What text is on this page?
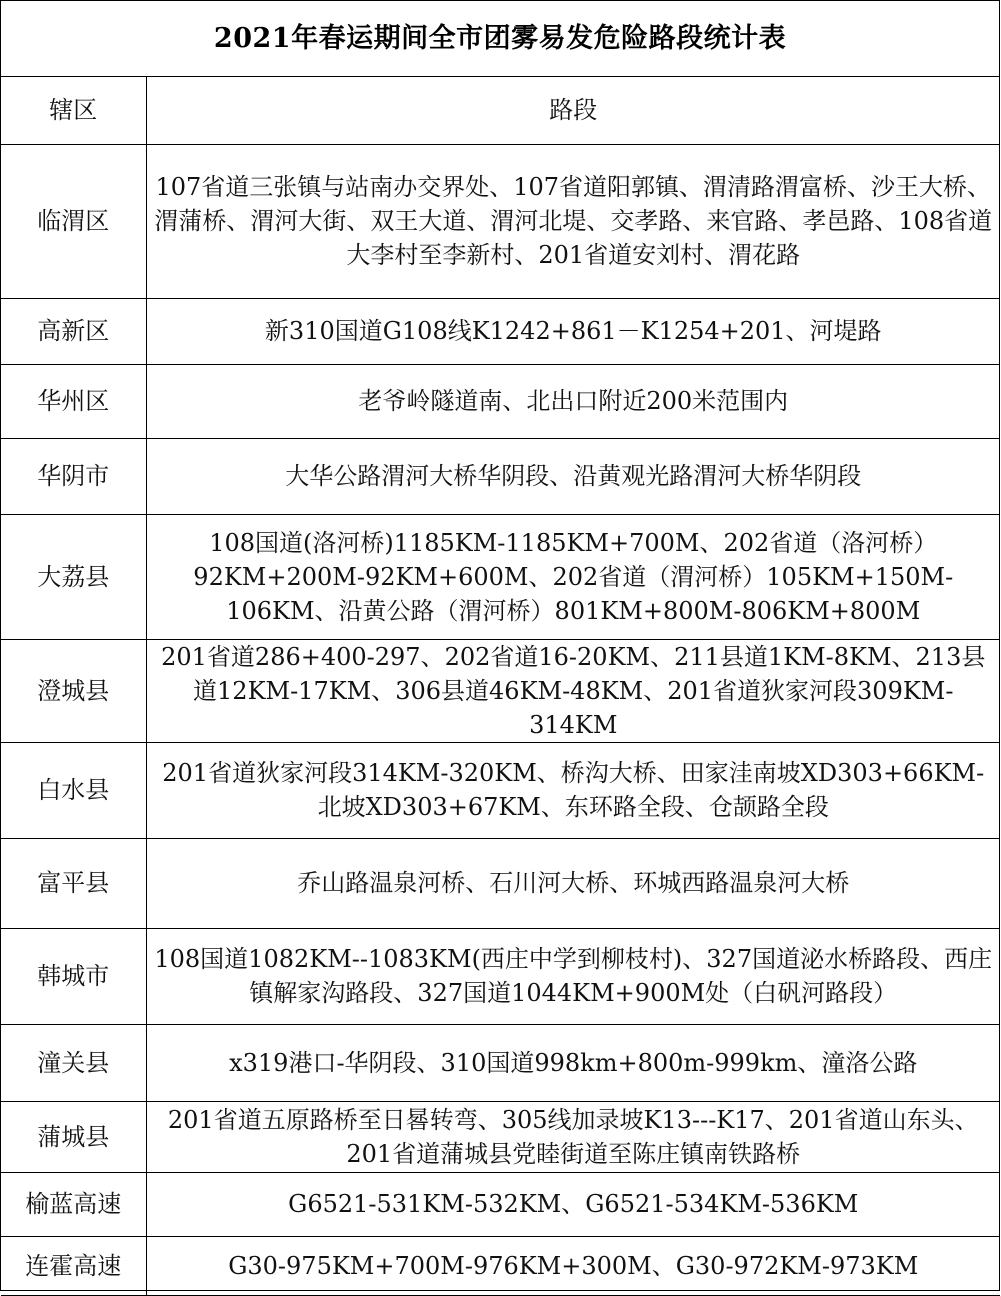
2021年春运期间全市团雾易发危险路段统计表
辖区	路段
临渭区	107省道三张镇与站南办交界处、107省道阳郭镇、渭清路渭富桥、沙王大桥、渭蒲桥、渭河大街、双王大道、渭河北堤、交孝路、来官路、孝邑路、108省道大李村至李新村、201省道安刘村、渭花路
高新区	新310国道G108线K1242+861－K1254+201、河堤路
华州区	老爷岭隧道南、北出口附近200米范围内
华阴市	大华公路渭河大桥华阴段、沿黄观光路渭河大桥华阴段
大荔县	108国道(洛河桥)1185KM-1185KM+700M、202省道（洛河桥）92KM+200M-92KM+600M、202省道（渭河桥）105KM+150M-106KM、沿黄公路（渭河桥）801KM+800M-806KM+800M
澄城县	201省道286+400-297、202省道16-20KM、211县道1KM-8KM、213县道12KM-17KM、306县道46KM-48KM、201省道狄家河段309KM-314KM
白水县	201省道狄家河段314KM-320KM、桥沟大桥、田家洼南坡XD303+66KM-北坡XD303+67KM、东环路全段、仓颉路全段
富平县	乔山路温泉河桥、石川河大桥、环城西路温泉河大桥
韩城市	108国道1082KM--1083KM(西庄中学到柳枝村)、327国道泌水桥路段、西庄镇解家沟路段、327国道1044KM+900M处（白矾河路段）
潼关县	x319港口-华阴段、310国道998km+800m-999km、潼洛公路
蒲城县	201省道五原路桥至日晷转弯、305线加录坡K13---K17、201省道山东头、201省道蒲城县党睦街道至陈庄镇南铁路桥
榆蓝高速	G6521-531KM-532KM、G6521-534KM-536KM
连霍高速	G30-975KM+700M-976KM+300M、G30-972KM-973KM
